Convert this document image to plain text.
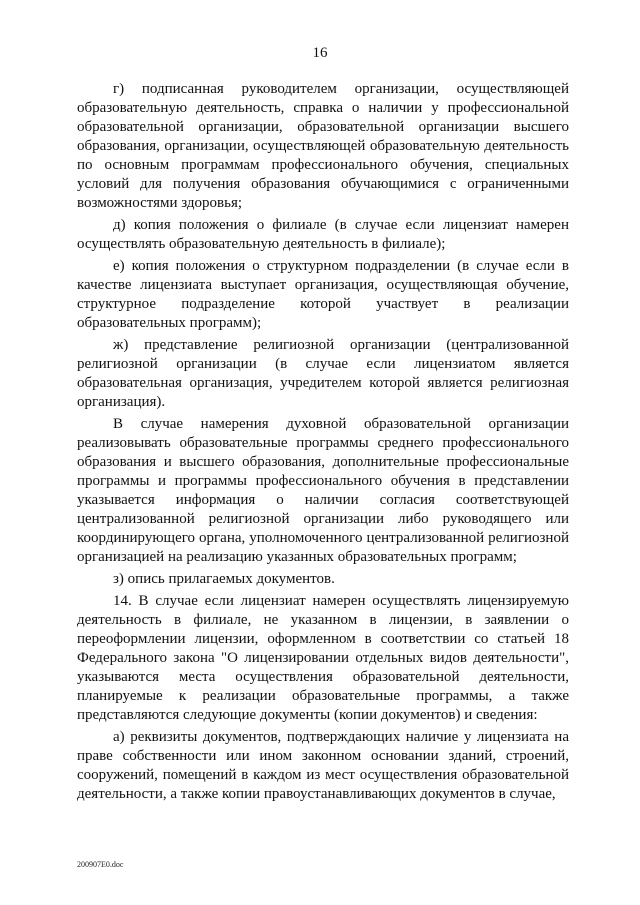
16

г) подписанная руководителем организации, осуществляющей образовательную деятельность, справка о наличии у профессиональной образовательной организации, образовательной организации высшего образования, организации, осуществляющей образовательную деятельность по основным программам профессионального обучения, специальных условий для получения образования обучающимися с ограниченными возможностями здоровья;

д) копия положения о филиале (в случае если лицензиат намерен осуществлять образовательную деятельность в филиале);

е) копия положения о структурном подразделении (в случае если в качестве лицензиата выступает организация, осуществляющая обучение, структурное подразделение которой участвует в реализации образовательных программ);

ж) представление религиозной организации (централизованной религиозной организации (в случае если лицензиатом является образовательная организация, учредителем которой является религиозная организация).

В случае намерения духовной образовательной организации реализовывать образовательные программы среднего профессионального образования и высшего образования, дополнительные профессиональные программы и программы профессионального обучения в представлении указывается информация о наличии согласия соответствующей централизованной религиозной организации либо руководящего или координирующего органа, уполномоченного централизованной религиозной организацией на реализацию указанных образовательных программ;

з) опись прилагаемых документов.

14. В случае если лицензиат намерен осуществлять лицензируемую деятельность в филиале, не указанном в лицензии, в заявлении о переоформлении лицензии, оформленном в соответствии со статьей 18 Федерального закона "О лицензировании отдельных видов деятельности", указываются места осуществления образовательной деятельности, планируемые к реализации образовательные программы, а также представляются следующие документы (копии документов) и сведения:

а) реквизиты документов, подтверждающих наличие у лицензиата на праве собственности или ином законном основании зданий, строений, сооружений, помещений в каждом из мест осуществления образовательной деятельности, а также копии правоустанавливающих документов в случае,

200907E0.doc
